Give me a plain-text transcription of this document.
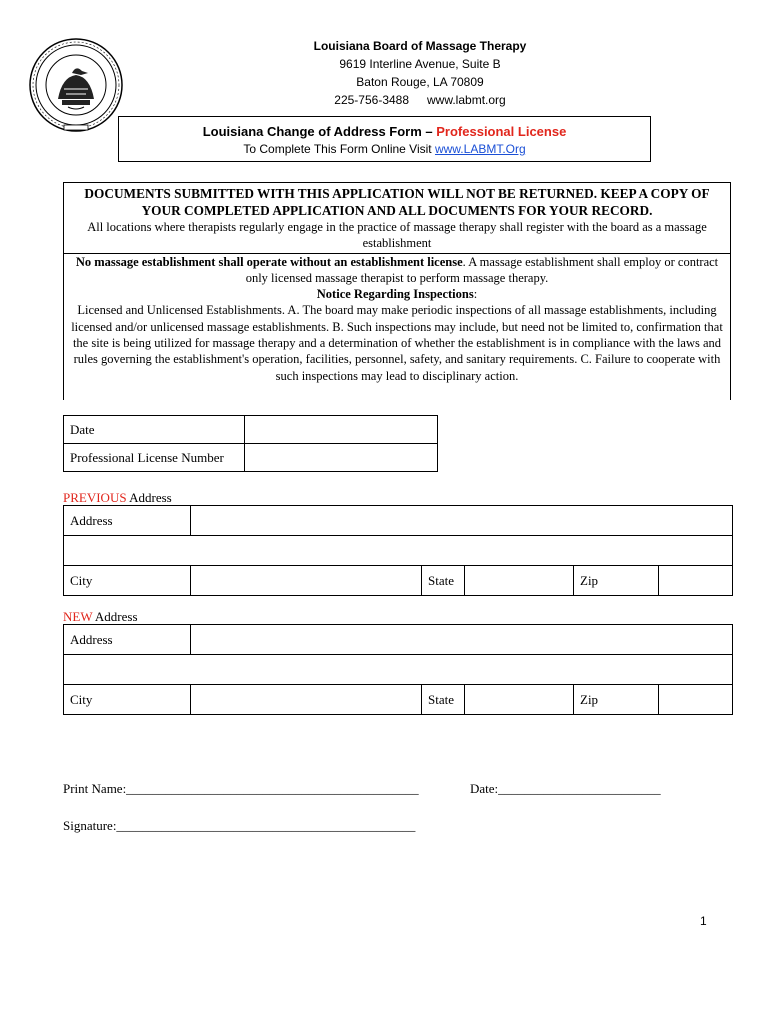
Louisiana Board of Massage Therapy
9619 Interline Avenue, Suite B
Baton Rouge, LA 70809
225-756-3488 www.labmt.org
Louisiana Change of Address Form – Professional License
To Complete This Form Online Visit www.LABMT.Org
DOCUMENTS SUBMITTED WITH THIS APPLICATION WILL NOT BE RETURNED. KEEP A COPY OF YOUR COMPLETED APPLICATION AND ALL DOCUMENTS FOR YOUR RECORD.
All locations where therapists regularly engage in the practice of massage therapy shall register with the board as a massage establishment
No massage establishment shall operate without an establishment license. A massage establishment shall employ or contract only licensed massage therapist to perform massage therapy.
Notice Regarding Inspections:
Licensed and Unlicensed Establishments. A. The board may make periodic inspections of all massage establishments, including licensed and/or unlicensed massage establishments. B. Such inspections may include, but need not be limited to, confirmation that the site is being utilized for massage therapy and a determination of whether the establishment is in compliance with the laws and rules governing the establishment's operation, facilities, personnel, safety, and sanitary requirements. C. Failure to cooperate with such inspections may lead to disciplinary action.
Date	
Professional License Number	
PREVIOUS Address
Address					

City		State		Zip	
NEW Address
Address					

City		State		Zip	
Print Name:_____________________________________________	Date:_________________________
Signature:______________________________________________
1
